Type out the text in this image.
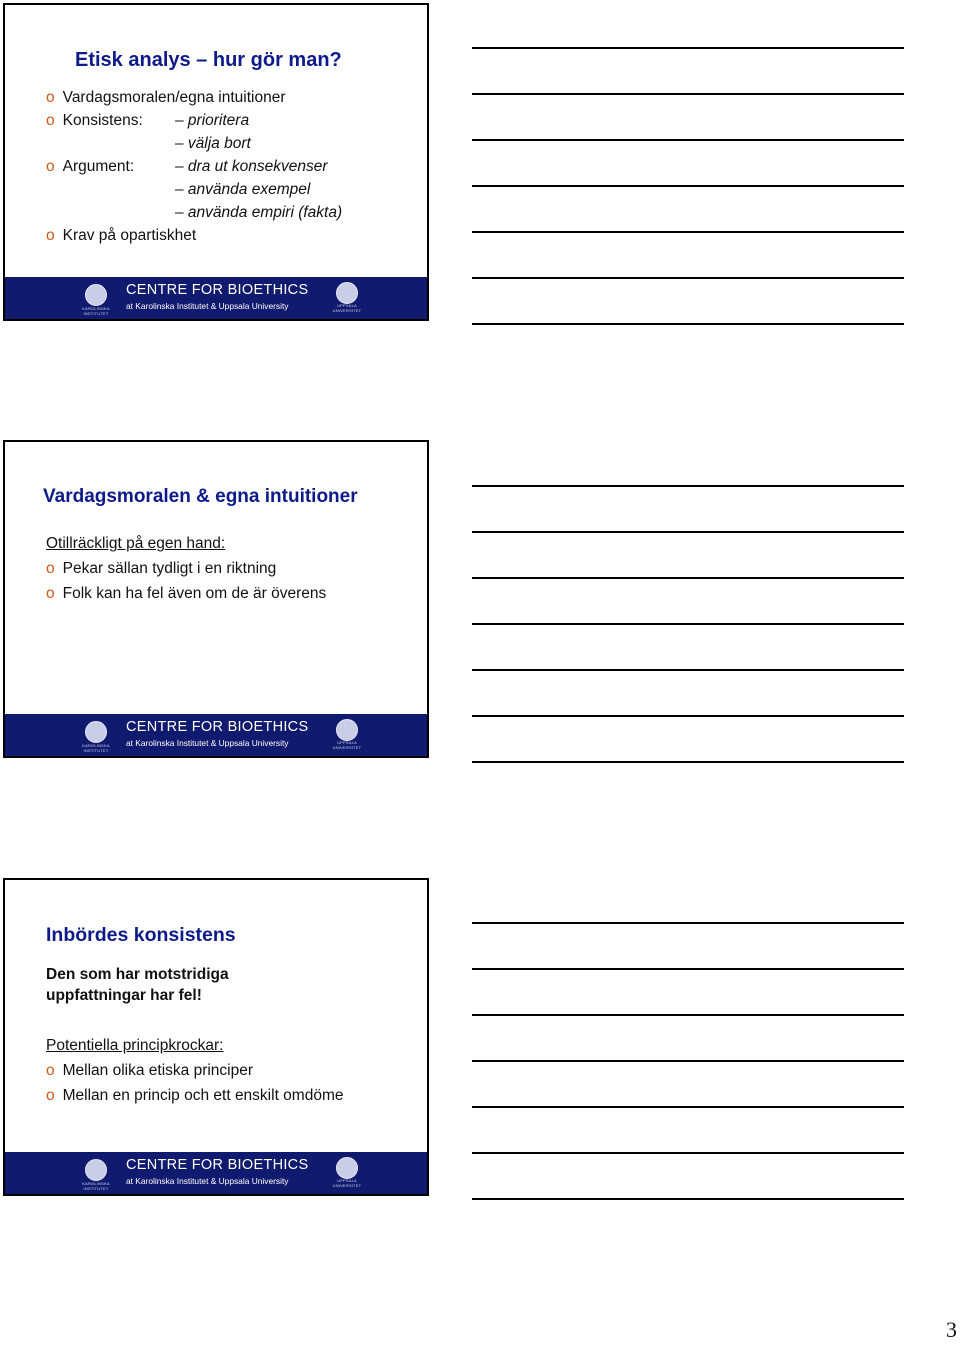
Etisk analys – hur gör man?
o Vardagsmoralen/egna intuitioner
o Konsistens: – prioritera
– välja bort
o Argument:	– dra ut konsekvenser
– använda exempel
– använda empiri (fakta)
o Krav på opartiskhet
KAROLINSKA INSTITUTET
CENTRE FOR BIOETHICS
at Karolinska Institutet & Uppsala University	UPPSALA UNIVERSITET
Vardagsmoralen & egna intuitioner
Otillräckligt på egen hand:
o Pekar sällan tydligt i en riktning
o Folk kan ha fel även om de är överens
KAROLINSKA INSTITUTET
CENTRE FOR BIOETHICS
at Karolinska Institutet & Uppsala University	UPPSALA UNIVERSITET
Inbördes konsistens
Den som har motstridiga
uppfattningar har fel!
Potentiella principkrockar:
o Mellan olika etiska principer
o Mellan en princip och ett enskilt omdöme
KAROLINSKA INSTITUTET
CENTRE FOR BIOETHICS
at Karolinska Institutet & Uppsala University	UPPSALA UNIVERSITET
3
